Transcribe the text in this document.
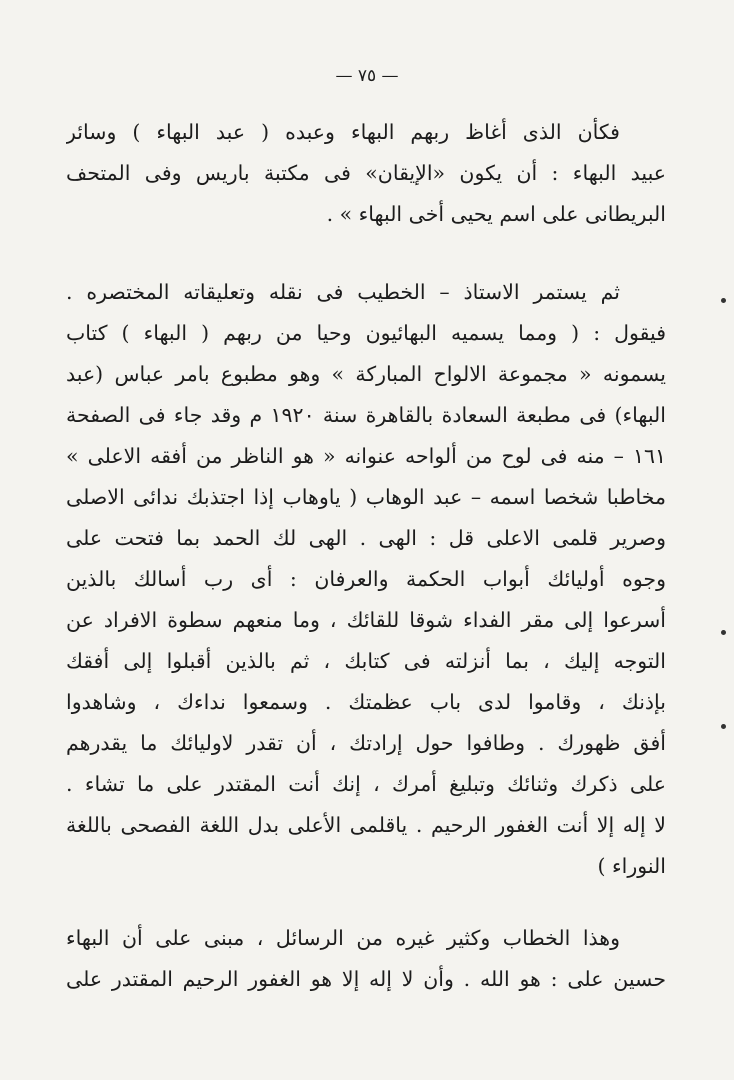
— ٧٥ —
فكأن الذى أغاظ ربهم البهاء وعبده ( عبد البهاء ) وسائر
عبيد البهاء : أن يكون «الإيقان» فى مكتبة باريس وفى المتحف
البريطانى على اسم يحيى أخى البهاء » .
ثم يستمر الاستاذ – الخطيب فى نقله وتعليقاته المختصره .
فيقول : ( ومما يسميه البهائيون وحيا من ربهم ( البهاء ) كتاب
يسمونه « مجموعة الالواح المباركة » وهو مطبوع بامر عباس (عبد
البهاء) فى مطبعة السعادة بالقاهرة سنة ١٩٢٠ م وقد جاء فى الصفحة
١٦١ – منه فى لوح من ألواحه عنوانه « هو الناظر من أفقه الاعلى »
مخاطبا شخصا اسمه – عبد الوهاب ( ياوهاب إذا اجتذبك ندائى الاصلى
وصرير قلمى الاعلى قل : الهى . الهى لك الحمد بما فتحت على
وجوه أوليائك أبواب الحكمة والعرفان : أى رب أسالك بالذين
أسرعوا إلى مقر الفداء شوقا للقائك ، وما منعهم سطوة الافراد عن
التوجه إليك ، بما أنزلته فى كتابك ، ثم بالذين أقبلوا إلى أفقك
بإذنك ، وقاموا لدى باب عظمتك . وسمعوا نداءك ، وشاهدوا
أفق ظهورك . وطافوا حول إرادتك ، أن تقدر لاوليائك ما يقدرهم
على ذكرك وثنائك وتبليغ أمرك ، إنك أنت المقتدر على ما تشاء .
لا إله إلا أنت الغفور الرحيم . ياقلمى الأعلى بدل اللغة الفصحى باللغة
النوراء )
وهذا الخطاب وكثير غيره من الرسائل ، مبنى على أن البهاء
حسين على : هو الله . وأن لا إله إلا هو الغفور الرحيم المقتدر على
